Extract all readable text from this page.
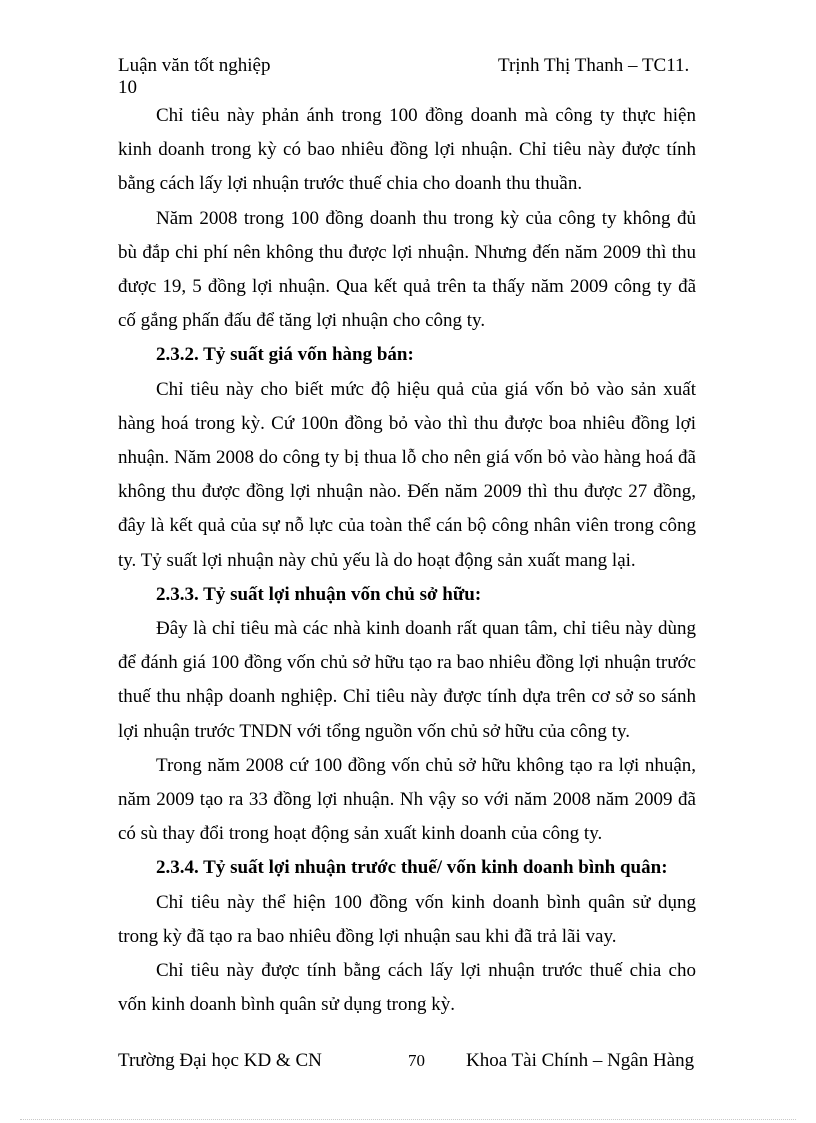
Luận văn tốt nghiệp	Trịnh Thị Thanh – TC11.
10

Chỉ tiêu này phản ánh trong 100 đồng doanh mà công ty thực hiện kinh doanh trong kỳ có bao nhiêu đồng lợi nhuận. Chỉ tiêu này được tính bằng cách lấy lợi nhuận trước thuế chia cho doanh thu thuần.

Năm 2008 trong 100 đồng doanh thu trong kỳ của công ty không đủ bù đắp chi phí nên không thu được lợi nhuận. Nhưng đến năm 2009 thì thu được 19, 5 đồng lợi nhuận. Qua kết quả trên ta thấy năm 2009 công ty đã cố gắng phấn đấu để tăng lợi nhuận cho công ty.

2.3.2. Tỷ suất giá vốn hàng bán:

Chỉ tiêu này cho biết mức độ hiệu quả của giá vốn bỏ vào sản xuất hàng hoá trong kỳ. Cứ 100n đồng bỏ vào thì thu được boa nhiêu đồng lợi nhuận. Năm 2008 do công ty bị thua lỗ cho nên giá vốn bỏ vào hàng hoá đã không thu được đồng lợi nhuận nào. Đến năm 2009 thì thu được 27 đồng, đây là kết quả của sự nỗ lực của toàn thể cán bộ công nhân viên trong công ty. Tỷ suất lợi nhuận này chủ yếu là do hoạt động sản xuất mang lại.

2.3.3. Tỷ suất lợi nhuận vốn chủ sở hữu:

Đây là chỉ tiêu mà các nhà kinh doanh rất quan tâm, chỉ tiêu này dùng để đánh giá 100 đồng vốn chủ sở hữu tạo ra bao nhiêu đồng lợi nhuận trước thuế thu nhập doanh nghiệp. Chỉ tiêu này được tính dựa trên cơ sở so sánh lợi nhuận trước TNDN với tổng nguồn vốn chủ sở hữu của công ty.

Trong năm 2008 cứ 100 đồng vốn chủ sở hữu không tạo ra lợi nhuận, năm 2009 tạo ra 33 đồng lợi nhuận. Nh vậy so với năm 2008 năm 2009 đã có sù thay đổi trong hoạt động sản xuất kinh doanh của công ty.

2.3.4. Tỷ suất lợi nhuận trước thuế/ vốn kinh doanh bình quân:

Chỉ tiêu này thể hiện 100 đồng vốn kinh doanh bình quân sử dụng trong kỳ đã tạo ra bao nhiêu đồng lợi nhuận sau khi đã trả lãi vay.

Chỉ tiêu này được tính bằng cách lấy lợi nhuận trước thuế chia cho vốn kinh doanh bình quân sử dụng trong kỳ.

Trường Đại học KD & CN	70 Khoa Tài Chính – Ngân Hàng
